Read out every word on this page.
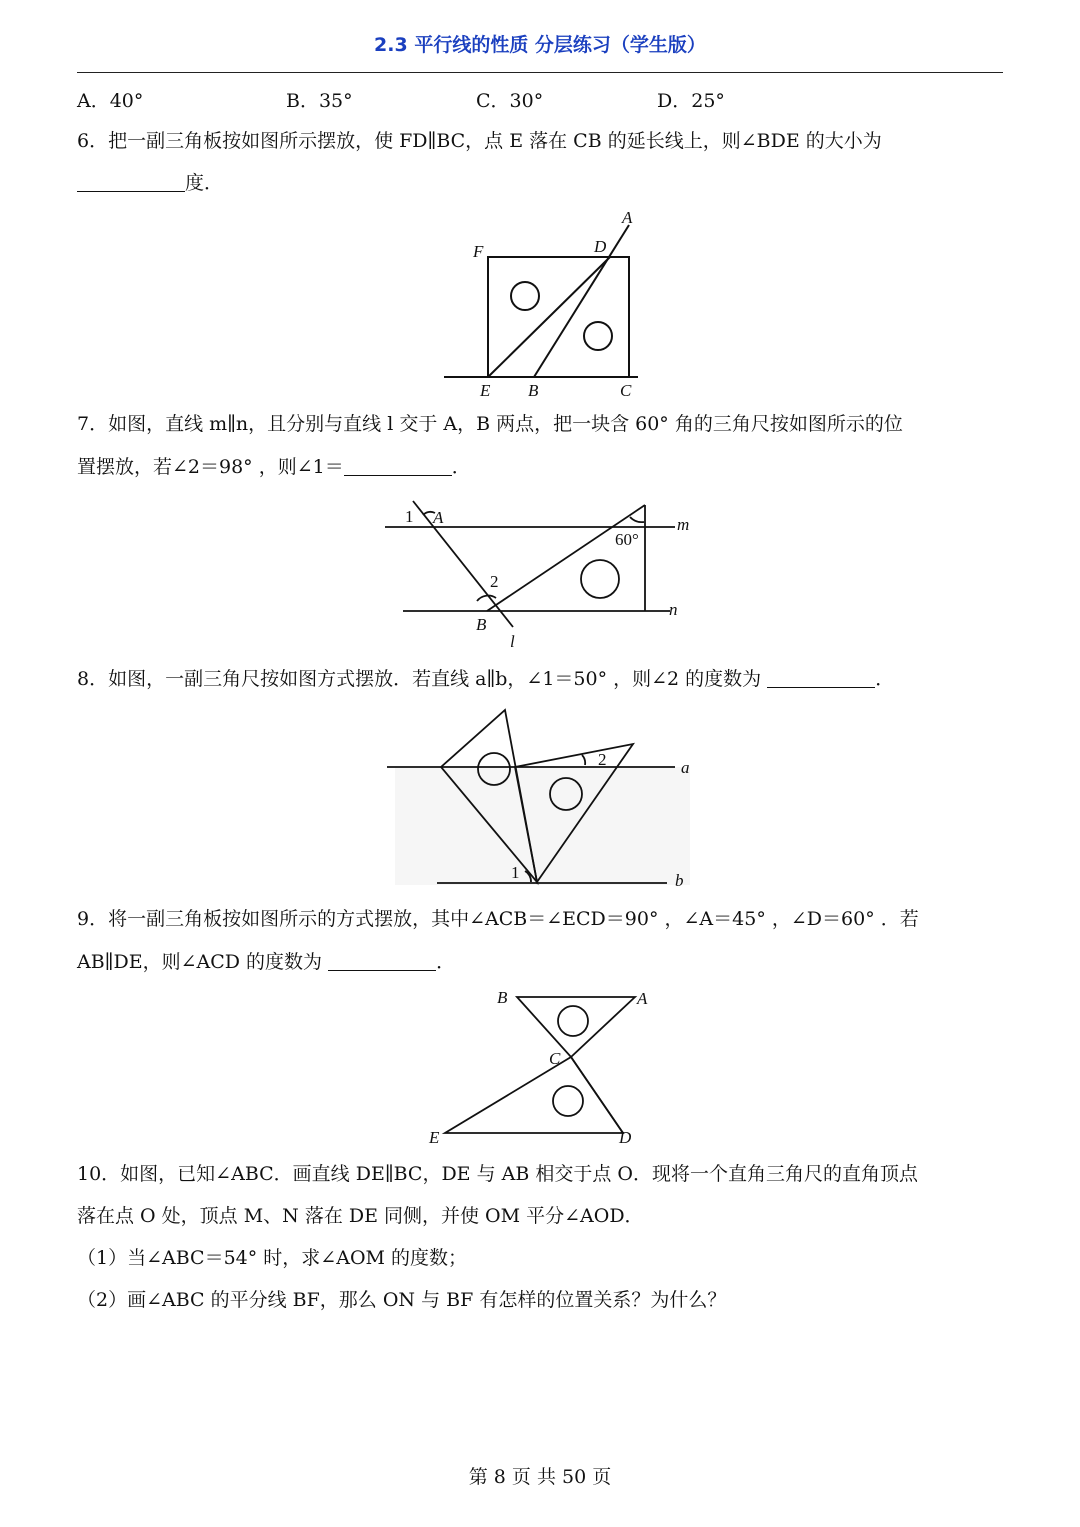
2.3 平行线的性质 分层练习（学生版）
A．40°	B．35°	C．30°	D．25°
6．把一副三角板按如图所示摆放，使 FD∥BC，点 E 落在 CB 的延长线上，则∠BDE 的大小为
度．
A
D
F
E B	C
7．如图，直线 m∥n，且分别与直线 l 交于 A，B 两点，把一块含 60° 角的三角尺按如图所示的位
置摆放，若∠2＝98° ，则∠1＝	．
1 A	m
60°
2
n
B
l
8．如图，一副三角尺按如图方式摆放．若直线 a∥b，∠1＝50° ，则∠2 的度数为	．
2	a
1	b
9．将一副三角板按如图所示的方式摆放，其中∠ACB＝∠ECD＝90° ，∠A＝45° ，∠D＝60° ．若
AB∥DE，则∠ACD 的度数为	．
B	A
C
E	D
10．如图，已知∠ABC．画直线 DE∥BC，DE 与 AB 相交于点 O．现将一个直角三角尺的直角顶点
落在点 O 处，顶点 M、N 落在 DE 同侧，并使 OM 平分∠AOD．
（1）当∠ABC＝54° 时，求∠AOM 的度数；
（2）画∠ABC 的平分线 BF，那么 ON 与 BF 有怎样的位置关系？为什么？
第 8 页 共 50 页
